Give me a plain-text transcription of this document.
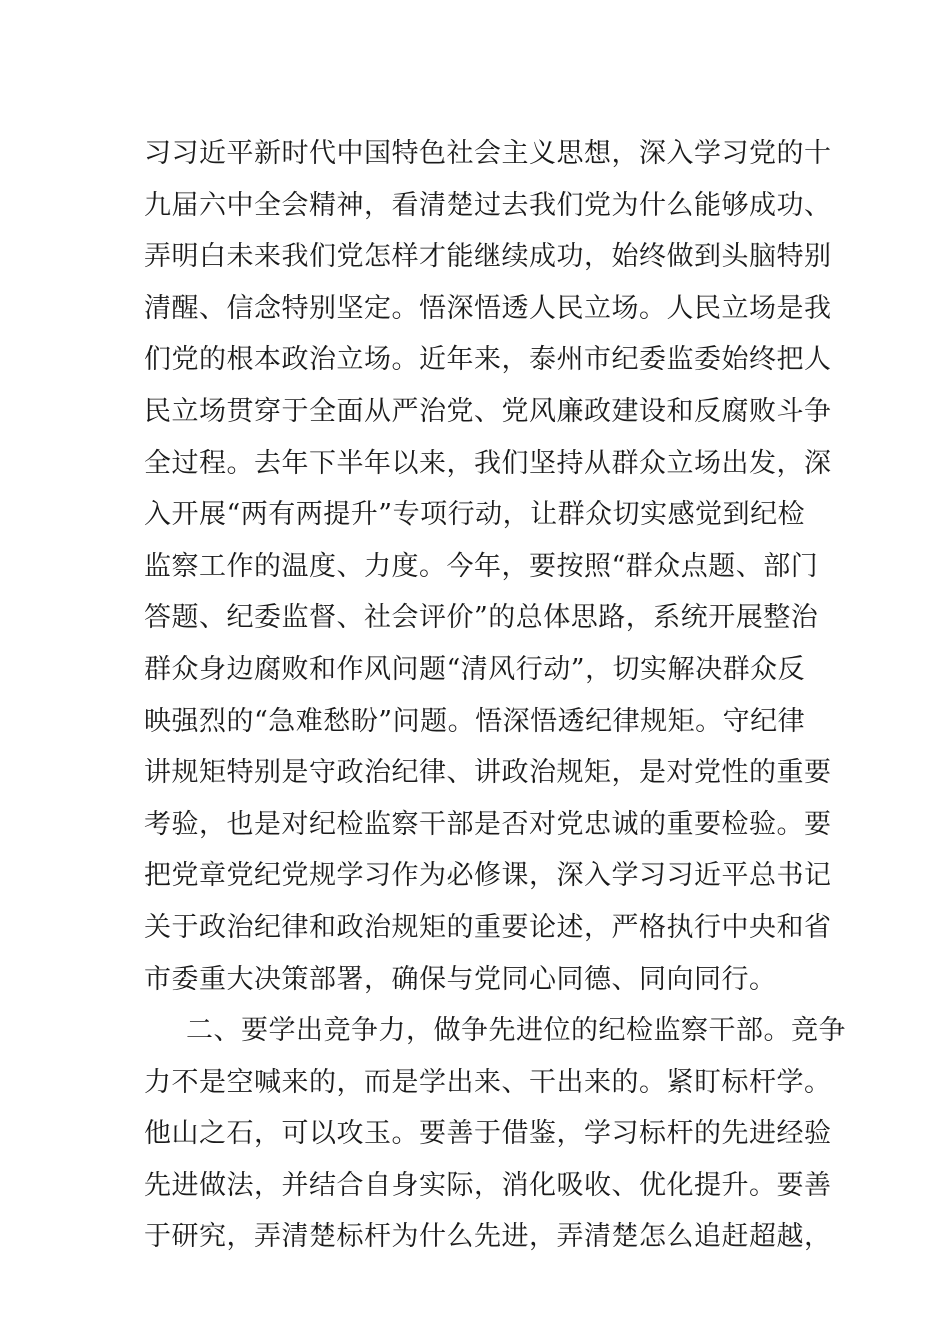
习习近平新时代中国特色社会主义思想，深入学习党的十
九届六中全会精神，看清楚过去我们党为什么能够成功、
弄明白未来我们党怎样才能继续成功，始终做到头脑特别
清醒、信念特别坚定。悟深悟透人民立场。人民立场是我
们党的根本政治立场。近年来，泰州市纪委监委始终把人
民立场贯穿于全面从严治党、党风廉政建设和反腐败斗争
全过程。去年下半年以来，我们坚持从群众立场出发，深
入开展“两有两提升”专项行动，让群众切实感觉到纪检
监察工作的温度、力度。今年，要按照“群众点题、部门
答题、纪委监督、社会评价”的总体思路，系统开展整治
群众身边腐败和作风问题“清风行动”，切实解决群众反
映强烈的“急难愁盼”问题。悟深悟透纪律规矩。守纪律
讲规矩特别是守政治纪律、讲政治规矩，是对党性的重要
考验，也是对纪检监察干部是否对党忠诚的重要检验。要
把党章党纪党规学习作为必修课，深入学习习近平总书记
关于政治纪律和政治规矩的重要论述，严格执行中央和省
市委重大决策部署，确保与党同心同德、同向同行。
二、要学出竞争力，做争先进位的纪检监察干部。竞争
力不是空喊来的，而是学出来、干出来的。紧盯标杆学。
他山之石，可以攻玉。要善于借鉴，学习标杆的先进经验
先进做法，并结合自身实际，消化吸收、优化提升。要善
于研究，弄清楚标杆为什么先进，弄清楚怎么追赶超越，
